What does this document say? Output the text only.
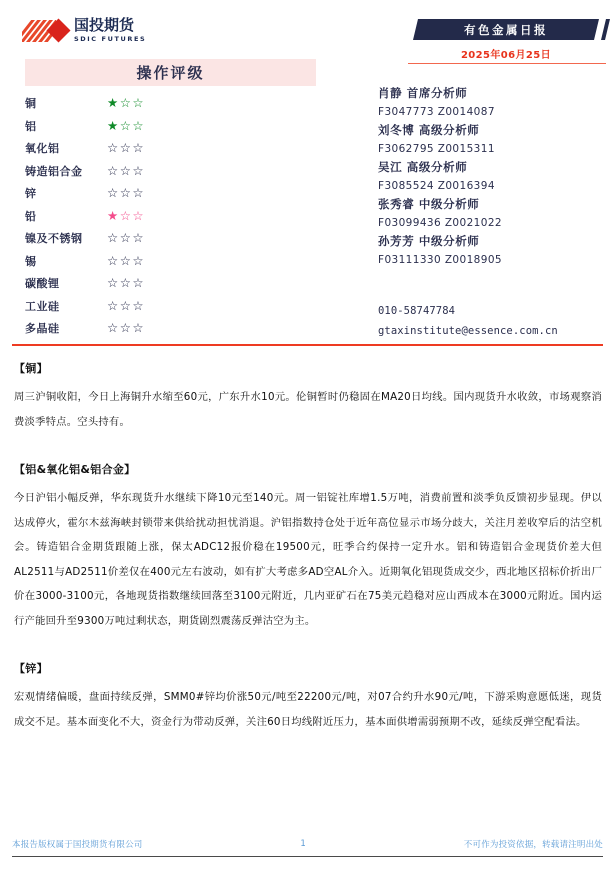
国投期货
SDIC FUTURES
操作评级
铜	★☆☆
铝	★☆☆
氧化铝	☆☆☆
铸造铝合金	☆☆☆
锌	☆☆☆
铅	★☆☆
镍及不锈钢	☆☆☆
锡	☆☆☆
碳酸锂	☆☆☆
工业硅	☆☆☆
多晶硅	☆☆☆
有色金属日报
2025年06月25日
肖静 首席分析师
F3047773 Z0014087
刘冬博 高级分析师
F3062795 Z0015311
吴江 高级分析师
F3085524 Z0016394
张秀睿 中级分析师
F03099436 Z0021022
孙芳芳 中级分析师
F03111330 Z0018905
010-58747784
gtaxinstitute@essence.com.cn
【铜】

周三沪铜收阳，今日上海铜升水缩至60元，广东升水10元。伦铜暂时仍稳固在MA20日均线。国内现货升水收敛，市场观察消费淡季特点。空头持有。

【铝&氧化铝&铝合金】

今日沪铝小幅反弹，华东现货升水继续下降10元至140元。周一铝锭社库增1.5万吨，消费前置和淡季负反馈初步显现。伊以达成停火，霍尔木兹海峡封锁带来供给扰动担忧消退。沪铝指数持仓处于近年高位显示市场分歧大，关注月差收窄后的沽空机会。铸造铝合金期货跟随上涨，保太ADC12报价稳在19500元，旺季合约保持一定升水。铝和铸造铝合金现货价差大但AL2511与AD2511价差仅在400元左右波动，如有扩大考虑多AD空AL介入。近期氧化铝现货成交少，西北地区招标价折出厂价在3000-3100元，各地现货指数继续回落至3100元附近，几内亚矿石在75美元趋稳对应山西成本在3000元附近。国内运行产能回升至9300万吨过剩状态，期货剧烈震荡反弹沽空为主。

【锌】

宏观情绪偏暖，盘面持续反弹，SMM0#锌均价涨50元/吨至22200元/吨，对07合约升水90元/吨，下游采购意愿低迷，现货成交不足。基本面变化不大，资金行为带动反弹，关注60日均线附近压力，基本面供增需弱预期不改，延续反弹空配看法。

本报告版权属于国投期货有限公司	1	不可作为投资依据，转载请注明出处
